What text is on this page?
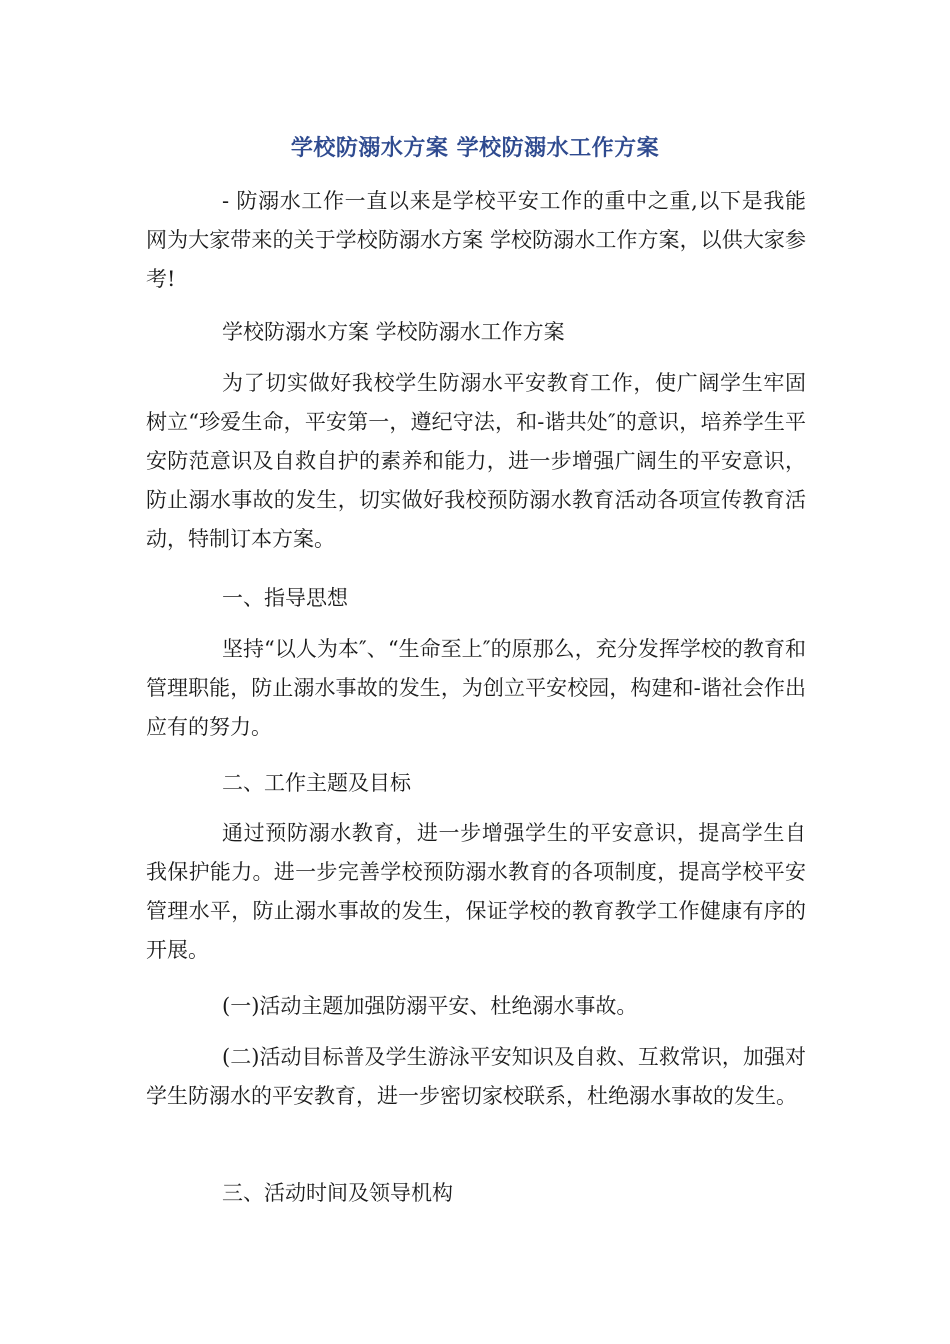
学校防溺水方案 学校防溺水工作方案

- 防溺水工作一直以来是学校平安工作的重中之重,以下是我能网为大家带来的关于学校防溺水方案 学校防溺水工作方案，以供大家参考!

学校防溺水方案 学校防溺水工作方案

为了切实做好我校学生防溺水平安教育工作，使广阔学生牢固树立“珍爱生命，平安第一，遵纪守法，和-谐共处″的意识，培养学生平安防范意识及自救自护的素养和能力，进一步增强广阔生的平安意识，防止溺水事故的发生，切实做好我校预防溺水教育活动各项宣传教育活动，特制订本方案。

一、指导思想

坚持“以人为本″、“生命至上″的原那么，充分发挥学校的教育和管理职能，防止溺水事故的发生，为创立平安校园，构建和-谐社会作出应有的努力。

二、工作主题及目标

通过预防溺水教育，进一步增强学生的平安意识，提高学生自我保护能力。进一步完善学校预防溺水教育的各项制度，提高学校平安管理水平，防止溺水事故的发生，保证学校的教育教学工作健康有序的开展。

(一)活动主题加强防溺平安、杜绝溺水事故。

(二)活动目标普及学生游泳平安知识及自救、互救常识，加强对学生防溺水的平安教育，进一步密切家校联系，杜绝溺水事故的发生。

三、活动时间及领导机构
